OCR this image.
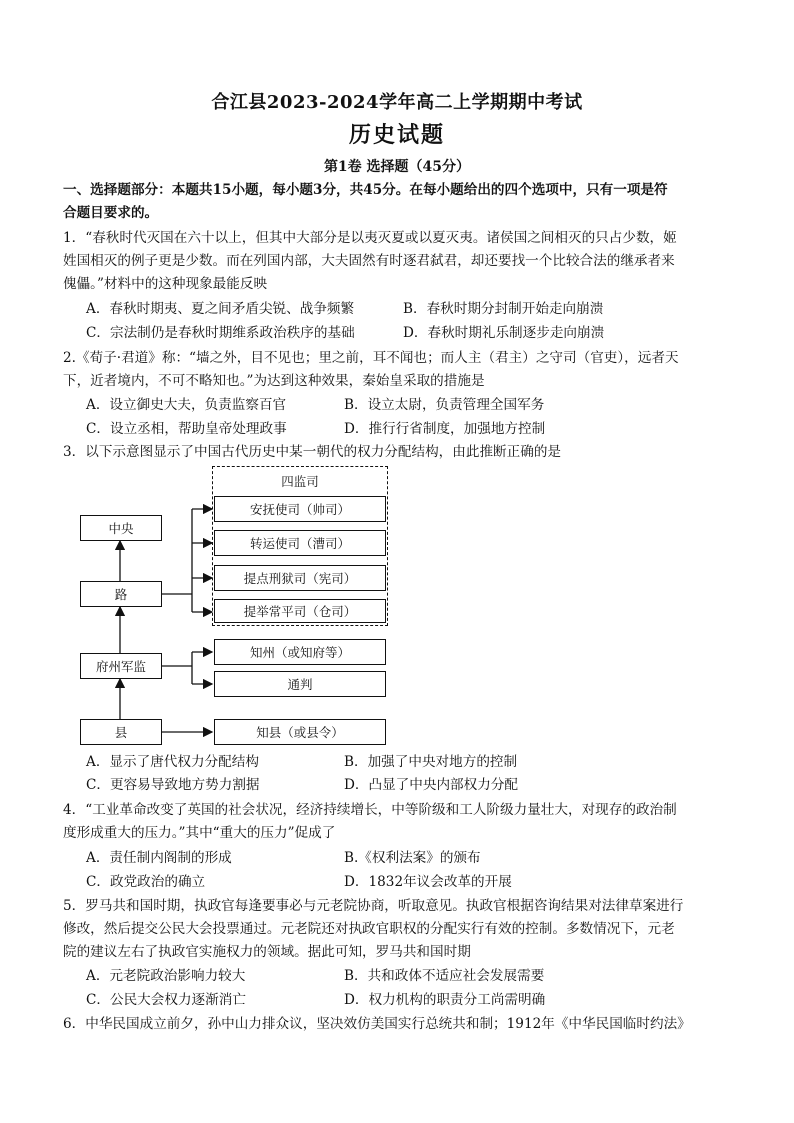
合江县2023-2024学年高二上学期期中考试
历史试题
第1卷 选择题（45分）
一、选择题部分：本题共15小题，每小题3分，共45分。在每小题给出的四个选项中，只有一项是符
合题目要求的。
1．“春秋时代灭国在六十以上，但其中大部分是以夷灭夏或以夏灭夷。诸侯国之间相灭的只占少数，姬
姓国相灭的例子更是少数。而在列国内部，大夫固然有时逐君弑君，却还要找一个比较合法的继承者来
傀儡。”材料中的这种现象最能反映
A．春秋时期夷、夏之间矛盾尖锐、战争频繁	B．春秋时期分封制开始走向崩溃
C．宗法制仍是春秋时期维系政治秩序的基础	D．春秋时期礼乐制逐步走向崩溃
2.《荀子·君道》称：“墙之外，目不见也；里之前，耳不闻也；而人主（君主）之守司（官吏），远者天
下，近者境内，不可不略知也。”为达到这种效果，秦始皇采取的措施是
A．设立御史大夫，负责监察百官	B．设立太尉，负责管理全国军务
C．设立丞相，帮助皇帝处理政事	D．推行行省制度，加强地方控制
3．以下示意图显示了中国古代历史中某一朝代的权力分配结构，由此推断正确的是
四监司
中央
路
府州军监
县
安抚使司（帅司）
转运使司（漕司）
提点刑狱司（宪司）
提举常平司（仓司）
知州（或知府等）
通判
知县（或县令）
A．显示了唐代权力分配结构	B．加强了中央对地方的控制
C．更容易导致地方势力割据	D．凸显了中央内部权力分配
4．“工业革命改变了英国的社会状况，经济持续增长，中等阶级和工人阶级力量壮大，对现存的政治制
度形成重大的压力。”其中“重大的压力”促成了
A．责任制内阁制的形成	B.《权利法案》的颁布
C．政党政治的确立	D．1832年议会改革的开展
5．罗马共和国时期，执政官每逢要事必与元老院协商，听取意见。执政官根据咨询结果对法律草案进行
修改，然后提交公民大会投票通过。元老院还对执政官职权的分配实行有效的控制。多数情况下，元老
院的建议左右了执政官实施权力的领域。据此可知，罗马共和国时期
A．元老院政治影响力较大	B．共和政体不适应社会发展需要
C．公民大会权力逐渐消亡	D．权力机构的职责分工尚需明确
6．中华民国成立前夕，孙中山力排众议，坚决效仿美国实行总统共和制；1912年《中华民国临时约法》
